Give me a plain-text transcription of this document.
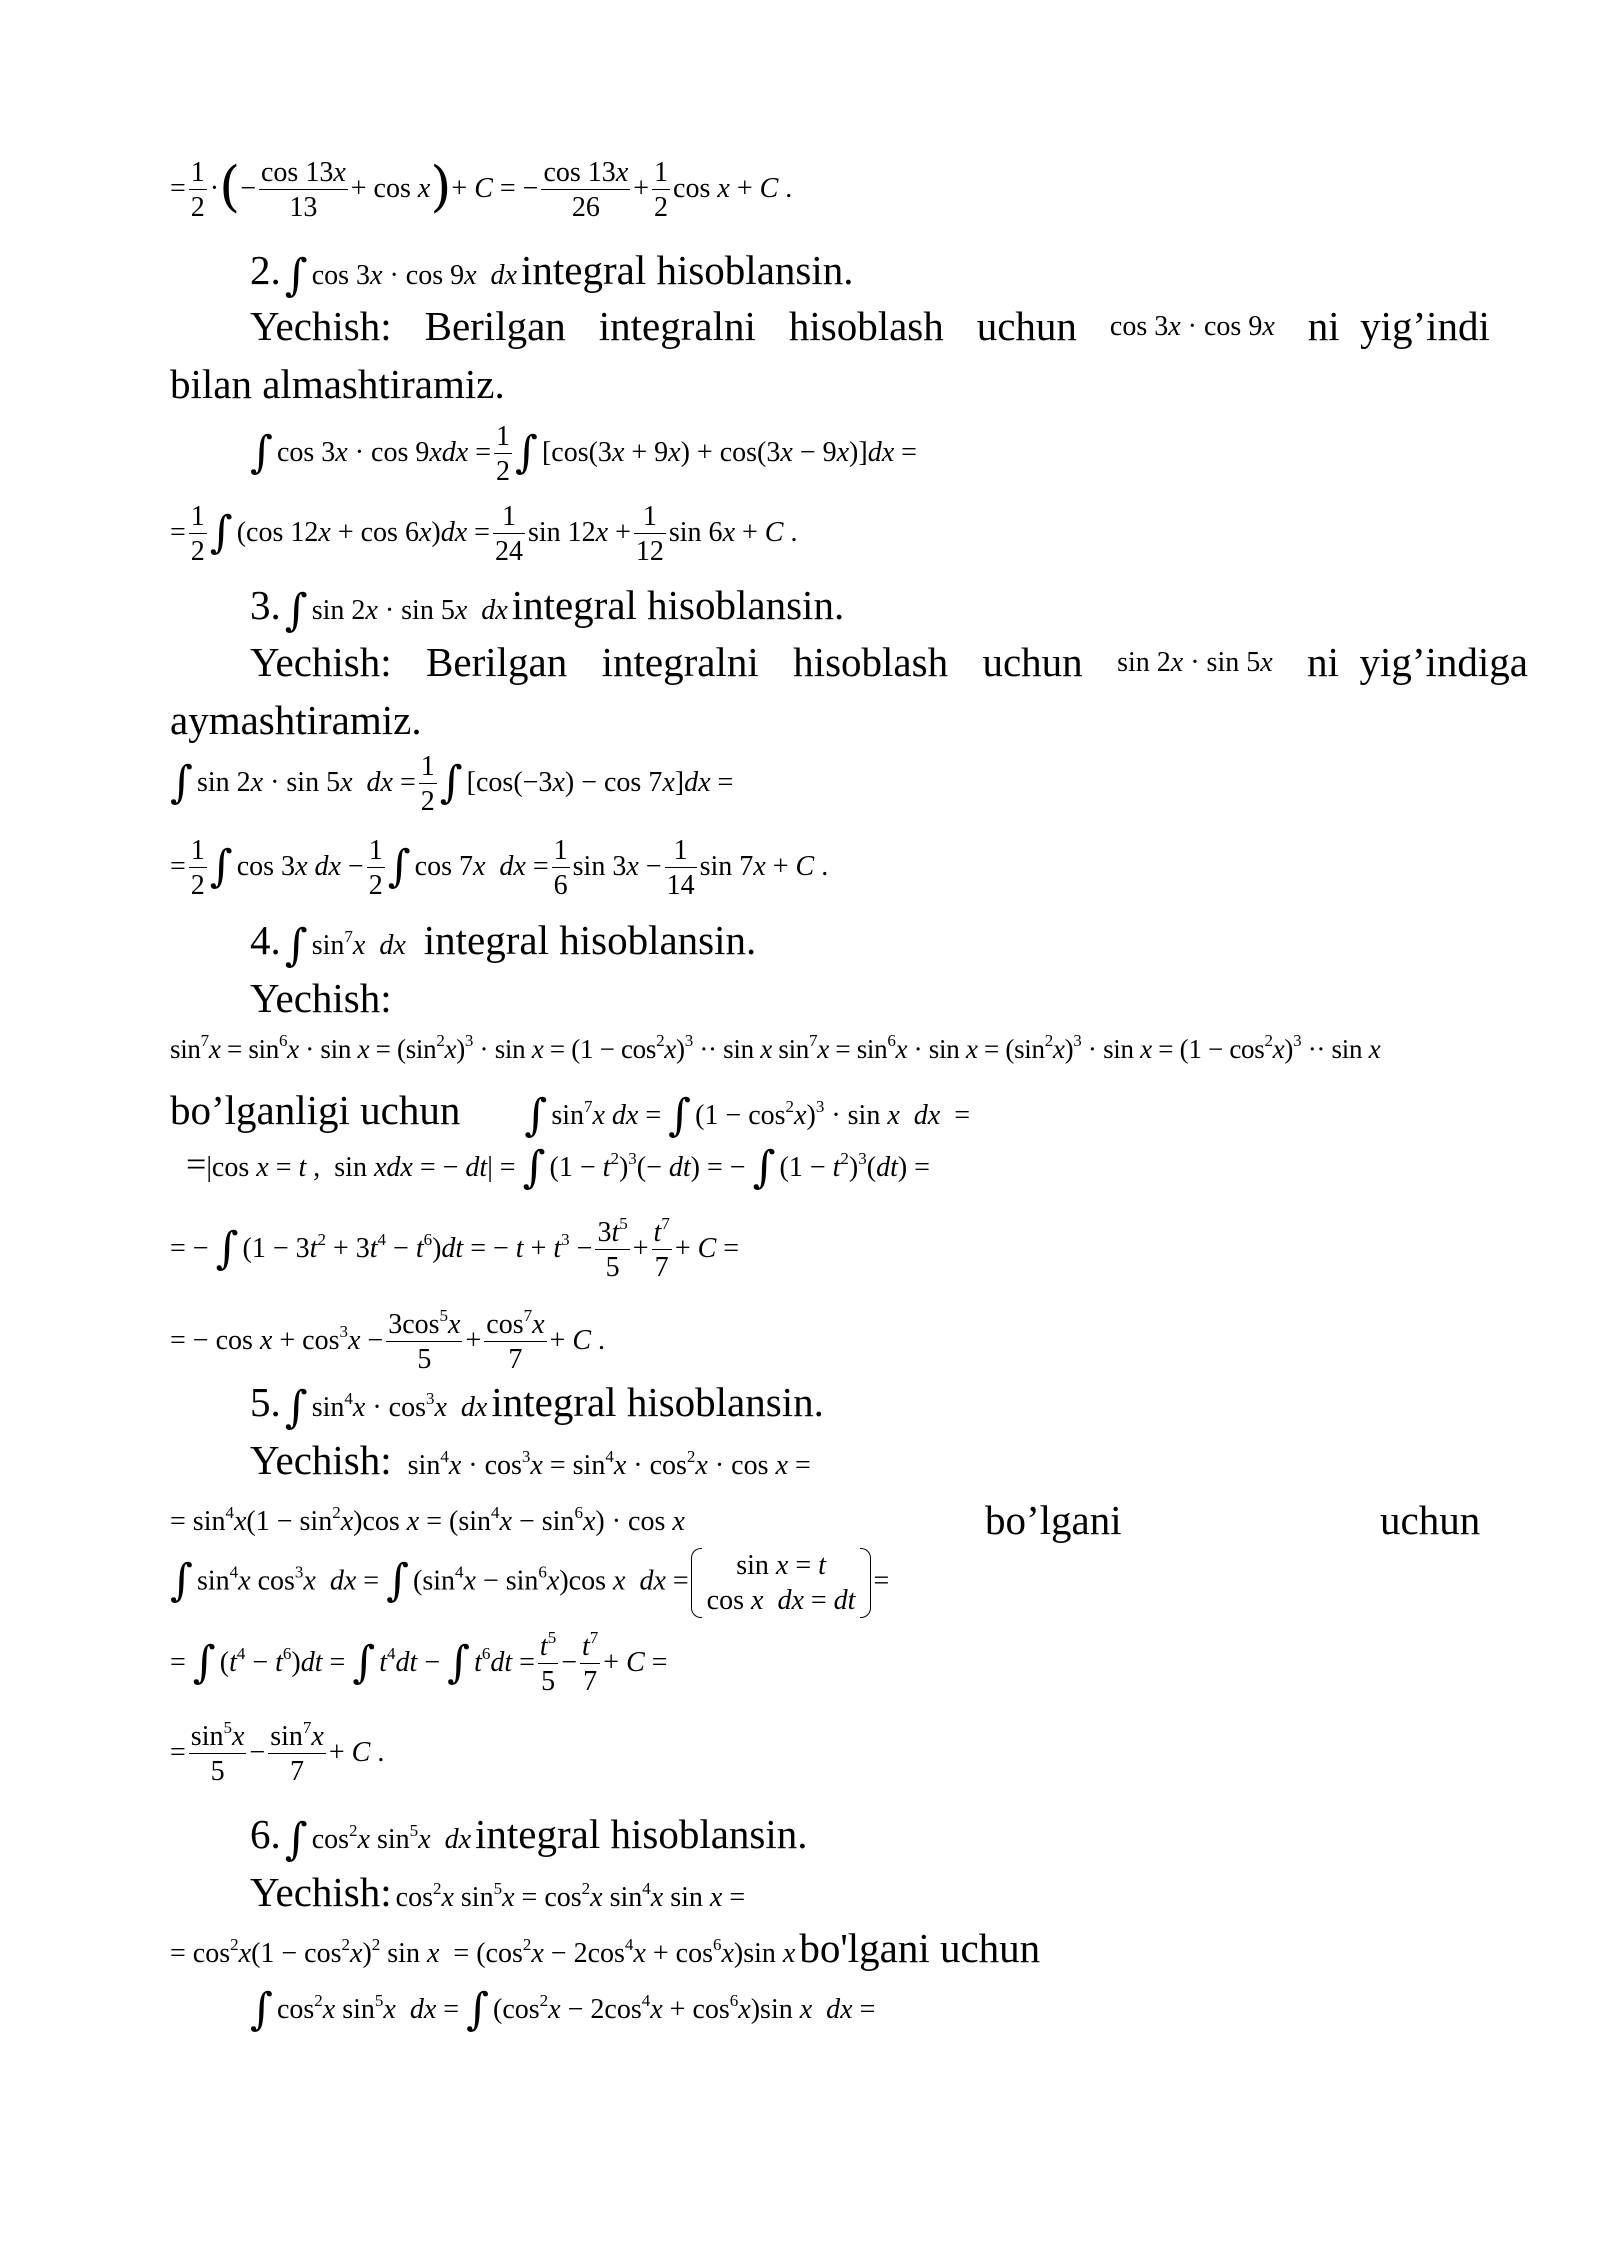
= $\frac{1}{2}$ ·(− $\frac{\cos 13x}{13} + \cos x)+ C$ = − $\frac{\cos 13x}{26} + \frac{1}{2}$ cos x + C .
2. ∫ cos 3x · cos 9x dx integral hisoblansin.
Yechish: Berilgan integralni hisoblash uchun cos 3x · cos 9x ni  yig’indi
bilan almashtiramiz.
∫ $\cos 3x \cdot \cos 9xdx = \frac{1}{2}$ ∫ [cos(3x + 9x) + cos(3x − 9x)]dx =
= $\frac{1}{2}$ ∫ (cos $12x + \cos 6x)dx = \frac{1}{24}$ $\sin 12x + \frac{1}{12}$ sin 6x + C .
3. ∫ sin 2x · sin 5x dx integral hisoblansin.
Yechish: Berilgan integralni hisoblash uchun sin 2x · sin 5x ni  yig’indiga
aymashtiramiz.
∫ sin 2x · sin 5x dx = $\frac{1}{2}$ ∫ [cos(−3x) − cos 7x]dx =
= $\frac{1}{2}$ ∫ cos 3x dx − $\frac{1}{2}$ ∫ cos 7x dx = $\frac{1}{6}$ $\sin 3x - \frac{1}{14}$ sin 7x + C .
4. ∫ $\sin^7x$ dx integral hisoblansin.
Yechish:
$\sin^7x = \sin^6x \cdot \sin x = (\sin^2x)^3 \cdot \sin x = (1 - \cos^2x)^3 \cdot\cdot \sin x$ $\sin^7x = \sin^6x \cdot \sin x = (\sin^2x)^3 \cdot \sin x = (1 - \cos^2x)^3 \cdot\cdot \sin x$
bo’lganligi uchun ∫ $\sin^7x$ dx = ∫ $(1 - \cos^2x)^3 \cdot \sin x$ dx  =
=|cos x = t ,  sin xdx = − dt| = ∫ $(1 - t^2)^3(- dt)$ = − ∫ $(1 - t^2)^3(dt)$ =
= − ∫ $(1 - 3t^2 + 3t^4 - t^6)dt$ = − $t + t^3 - \frac{3t^5}{5} + \frac{t^7}{7} + C$ =
= − $\cos x + \cos^3x - \frac{3\cos^5x}{5} + \frac{\cos^7x}{7} + C$ .
5. ∫ $\sin^4x \cdot \cos^3x$ dx integral hisoblansin.
Yechish: $\sin^4x \cdot \cos^3x = \sin^4x \cdot \cos^2x \cdot \cos x$ =
= $\sin^4x(1 - \sin^2x)\cos$ $x = (\sin^4x - \sin^6x) \cdot \cos x$	bo’lgani	uchun
∫ $\sin^4x$ $\cos^3x$ dx = ∫ $(\sin^4x - \sin^6x)\cos$ x dx =	sin x = t
cos x dx = dt
=
= ∫ $(t^4 - t^6)dt$ = ∫ $t^4dt$ − ∫ $t^6dt = \frac{t^5}{5} - \frac{t^7}{7} + C$ =
= $\frac{\sin^5x}{5} - \frac{\sin^7x}{7} + C$ .
6. ∫ $\cos^2x$ $\sin^5x$ dx integral hisoblansin.
Yechish: $\cos^2x$ $\sin^5x = \cos^2x$ $\sin^4x$ sin x =
= $\cos^2x(1 - \cos^2x)^2$ $\sin x = (\cos^2x - 2\cos^4x + \cos^6x)\sin$ x bo'lgani uchun
∫ $\cos^2x$ $\sin^5x$ dx = ∫ $(\cos^2x - 2\cos^4x + \cos^6x)\sin$ x dx =
